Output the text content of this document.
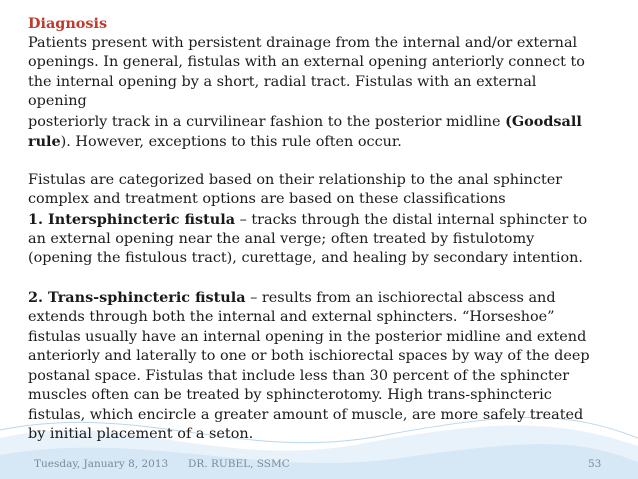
Diagnosis
Patients present with persistent drainage from the internal and/or external
openings. In general, fistulas with an external opening anteriorly connect to
the internal opening by a short, radial tract. Fistulas with an external
opening
posteriorly track in a curvilinear fashion to the posterior midline (Goodsall
rule). However, exceptions to this rule often occur.
Fistulas are categorized based on their relationship to the anal sphincter
complex and treatment options are based on these classifications
1. Intersphincteric fistula – tracks through the distal internal sphincter to
an external opening near the anal verge; often treated by fistulotomy
(opening the fistulous tract), curettage, and healing by secondary intention.
2. Trans-sphincteric fistula – results from an ischiorectal abscess and
extends through both the internal and external sphincters. “Horseshoe”
fistulas usually have an internal opening in the posterior midline and extend
anteriorly and laterally to one or both ischiorectal spaces by way of the deep
postanal space. Fistulas that include less than 30 percent of the sphincter
muscles often can be treated by sphincterotomy. High trans-sphincteric
fistulas, which encircle a greater amount of muscle, are more safely treated
by initial placement of a seton.
Tuesday, January 8, 2013 DR. RUBEL, SSMC	53
